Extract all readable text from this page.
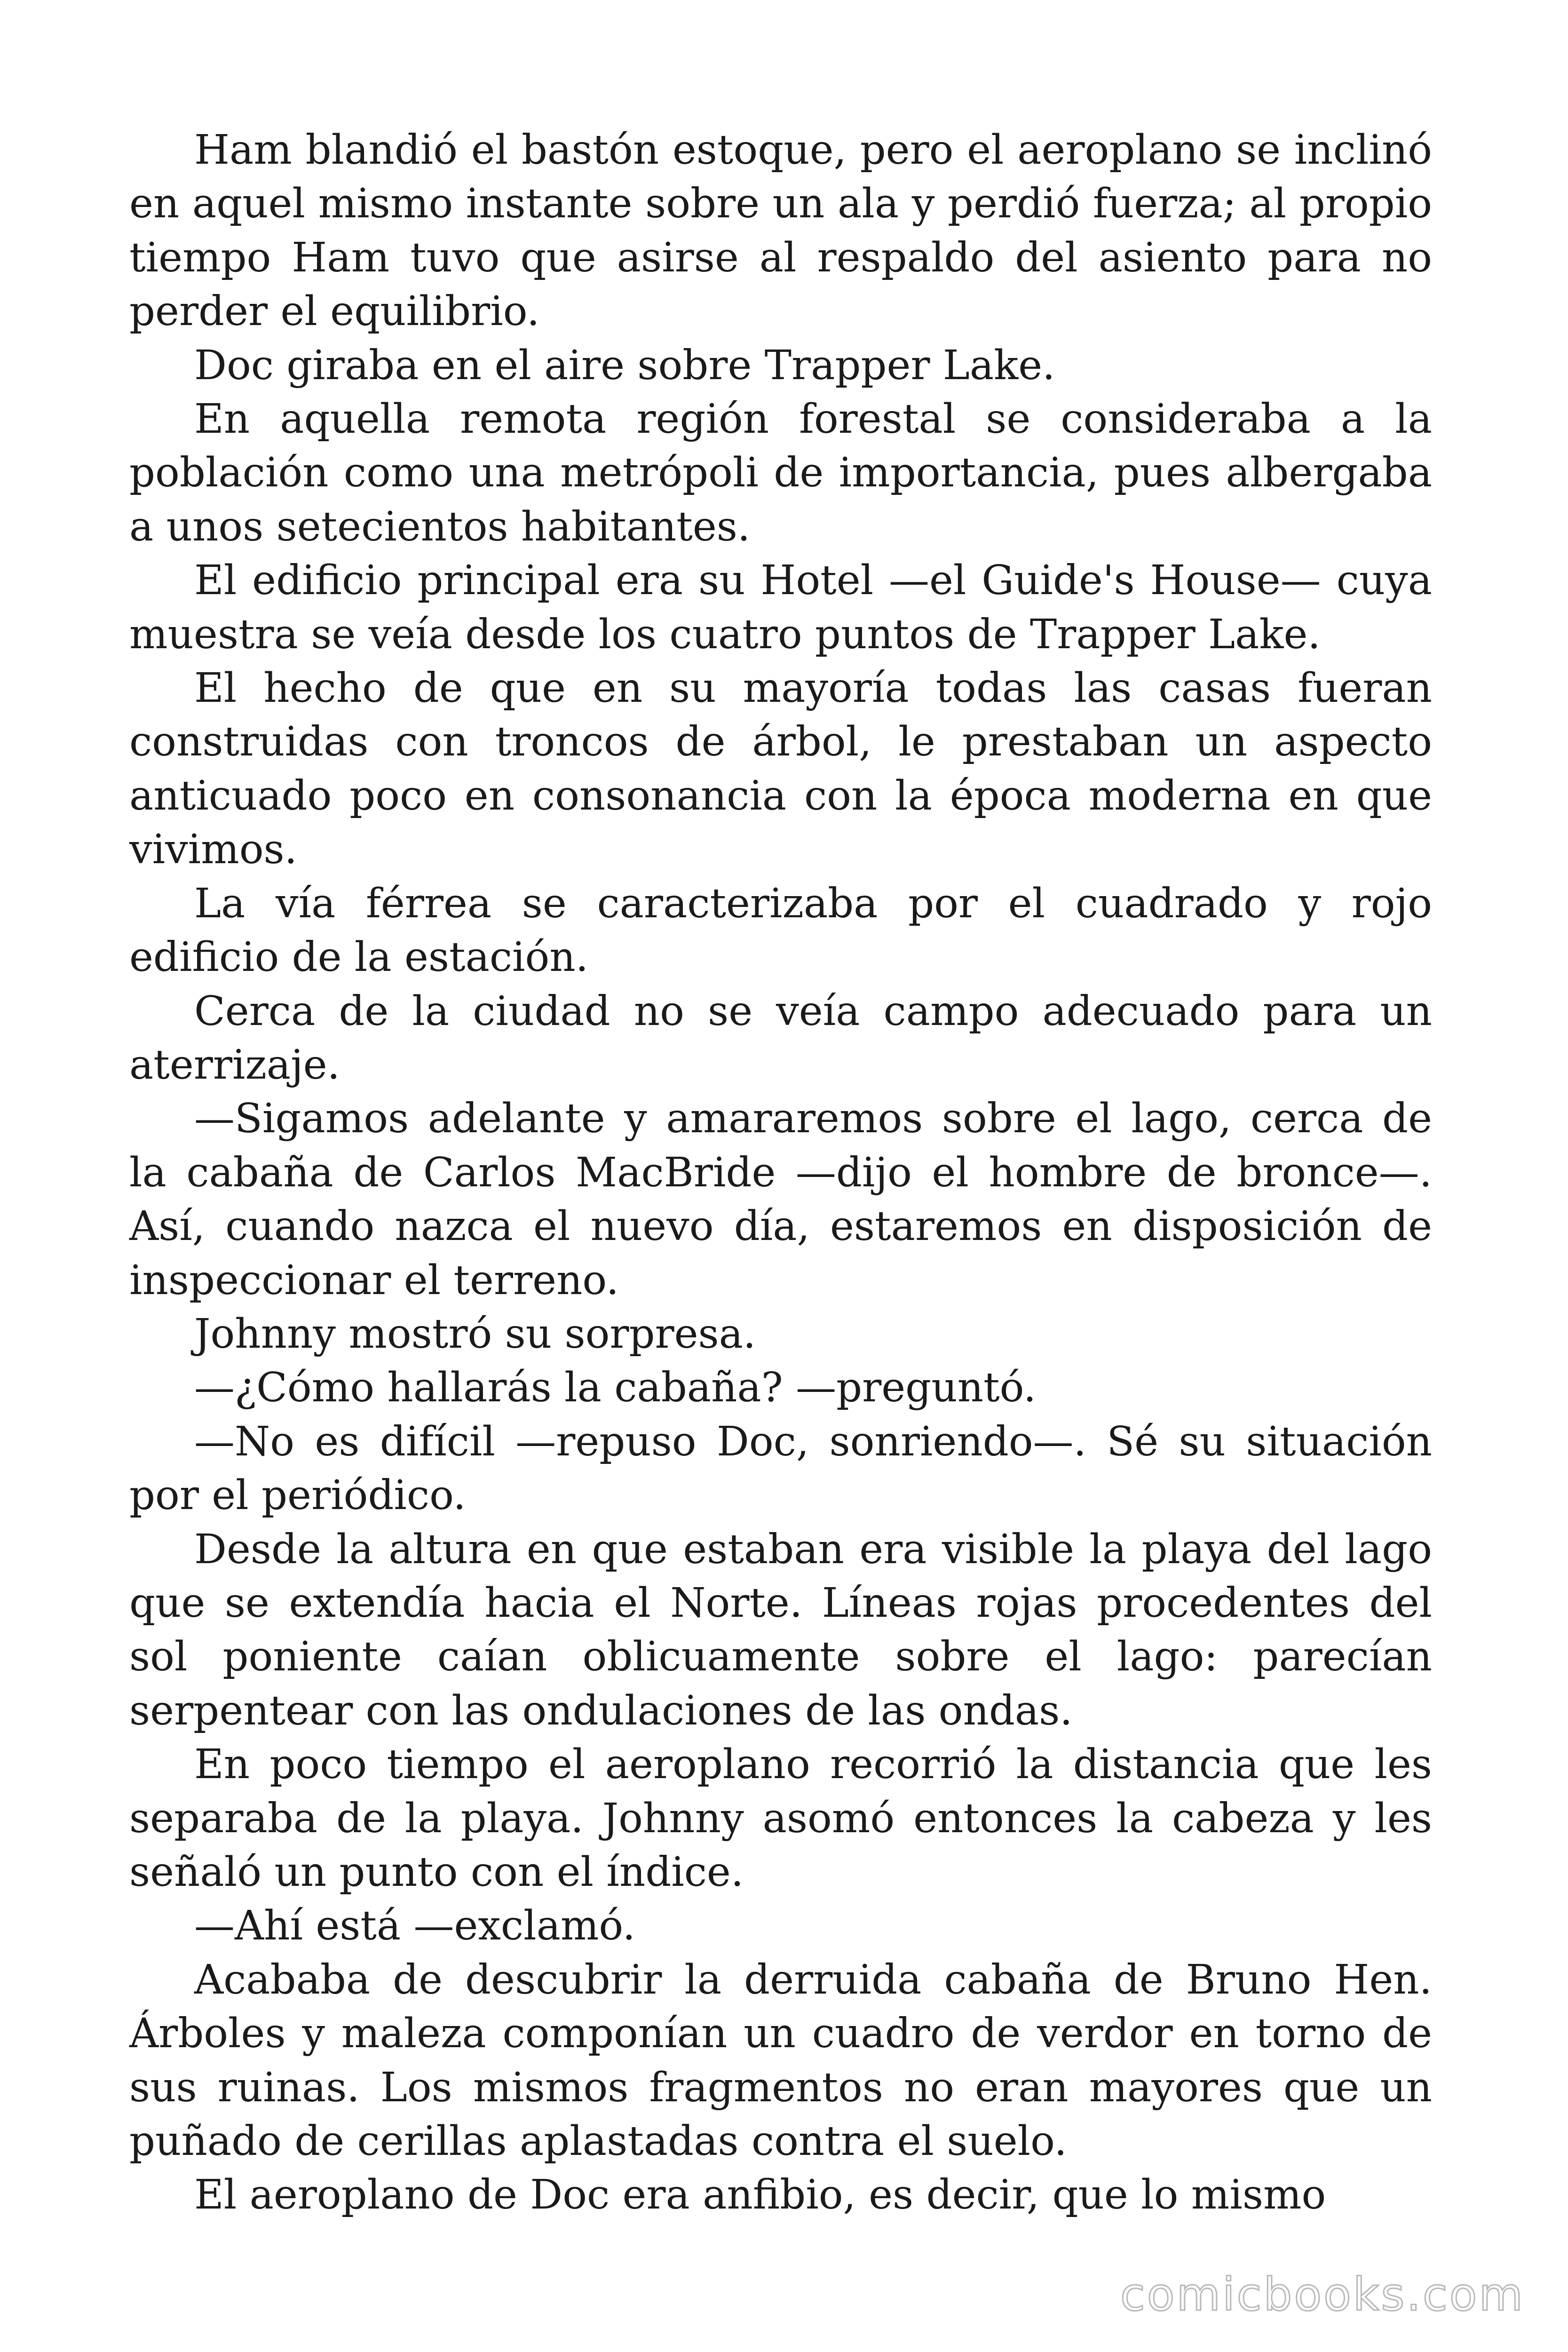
Ham blandió el bastón estoque, pero el aeroplano se inclinó en aquel mismo instante sobre un ala y perdió fuerza; al propio tiempo Ham tuvo que asirse al respaldo del asiento para no perder el equilibrio.

Doc giraba en el aire sobre Trapper Lake.

En aquella remota región forestal se consideraba a la población como una metrópoli de importancia, pues albergaba a unos setecientos habitantes.

El edificio principal era su Hotel —el Guide's House— cuya muestra se veía desde los cuatro puntos de Trapper Lake.

El hecho de que en su mayoría todas las casas fueran construidas con troncos de árbol, le prestaban un aspecto anticuado poco en consonancia con la época moderna en que vivimos.

La vía férrea se caracterizaba por el cuadrado y rojo edificio de la estación.

Cerca de la ciudad no se veía campo adecuado para un aterrizaje.

—Sigamos adelante y amararemos sobre el lago, cerca de la cabaña de Carlos MacBride —dijo el hombre de bronce—. Así, cuando nazca el nuevo día, estaremos en disposición de inspeccionar el terreno.

Johnny mostró su sorpresa.

—¿Cómo hallarás la cabaña? —preguntó.

—No es difícil —repuso Doc, sonriendo—. Sé su situación por el periódico.

Desde la altura en que estaban era visible la playa del lago que se extendía hacia el Norte. Líneas rojas procedentes del sol poniente caían oblicuamente sobre el lago: parecían serpentear con las ondulaciones de las ondas.

En poco tiempo el aeroplano recorrió la distancia que les separaba de la playa. Johnny asomó entonces la cabeza y les señaló un punto con el índice.

—Ahí está —exclamó.

Acababa de descubrir la derruida cabaña de Bruno Hen. Árboles y maleza componían un cuadro de verdor en torno de sus ruinas. Los mismos fragmentos no eran mayores que un puñado de cerillas aplastadas contra el suelo.

El aeroplano de Doc era anfibio, es decir, que lo mismo

comicbooks.com
